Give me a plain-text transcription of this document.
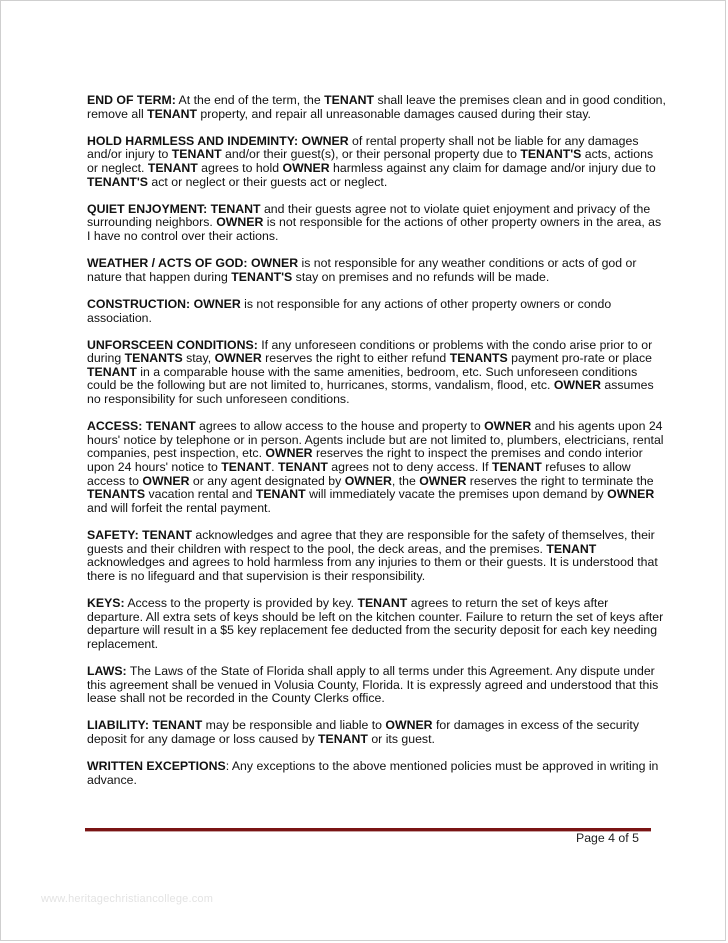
END OF TERM: At the end of the term, the TENANT shall leave the premises clean and in good condition, remove all TENANT property, and repair all unreasonable damages caused during their stay.

HOLD HARMLESS AND INDEMINTY: OWNER of rental property shall not be liable for any damages and/or injury to TENANT and/or their guest(s), or their personal property due to TENANT'S acts, actions or neglect. TENANT agrees to hold OWNER harmless against any claim for damage and/or injury due to TENANT'S act or neglect or their guests act or neglect.

QUIET ENJOYMENT: TENANT and their guests agree not to violate quiet enjoyment and privacy of the surrounding neighbors. OWNER is not responsible for the actions of other property owners in the area, as I have no control over their actions.

WEATHER / ACTS OF GOD: OWNER is not responsible for any weather conditions or acts of god or nature that happen during TENANT'S stay on premises and no refunds will be made.

CONSTRUCTION: OWNER is not responsible for any actions of other property owners or condo association.

UNFORSCEEN CONDITIONS: If any unforeseen conditions or problems with the condo arise prior to or during TENANTS stay, OWNER reserves the right to either refund TENANTS payment pro-rate or place TENANT in a comparable house with the same amenities, bedroom, etc. Such unforeseen conditions could be the following but are not limited to, hurricanes, storms, vandalism, flood, etc. OWNER assumes no responsibility for such unforeseen conditions.

ACCESS: TENANT agrees to allow access to the house and property to OWNER and his agents upon 24 hours' notice by telephone or in person. Agents include but are not limited to, plumbers, electricians, rental companies, pest inspection, etc. OWNER reserves the right to inspect the premises and condo interior upon 24 hours' notice to TENANT. TENANT agrees not to deny access. If TENANT refuses to allow access to OWNER or any agent designated by OWNER, the OWNER reserves the right to terminate the TENANTS vacation rental and TENANT will immediately vacate the premises upon demand by OWNER and will forfeit the rental payment.

SAFETY: TENANT acknowledges and agree that they are responsible for the safety of themselves, their guests and their children with respect to the pool, the deck areas, and the premises. TENANT acknowledges and agrees to hold harmless from any injuries to them or their guests. It is understood that there is no lifeguard and that supervision is their responsibility.

KEYS: Access to the property is provided by key. TENANT agrees to return the set of keys after departure. All extra sets of keys should be left on the kitchen counter. Failure to return the set of keys after departure will result in a $5 key replacement fee deducted from the security deposit for each key needing replacement.

LAWS: The Laws of the State of Florida shall apply to all terms under this Agreement. Any dispute under this agreement shall be venued in Volusia County, Florida. It is expressly agreed and understood that this lease shall not be recorded in the County Clerks office.

LIABILITY: TENANT may be responsible and liable to OWNER for damages in excess of the security deposit for any damage or loss caused by TENANT or its guest.

WRITTEN EXCEPTIONS: Any exceptions to the above mentioned policies must be approved in writing in advance.

Page 4 of 5
www.heritagechristiancollege.com
